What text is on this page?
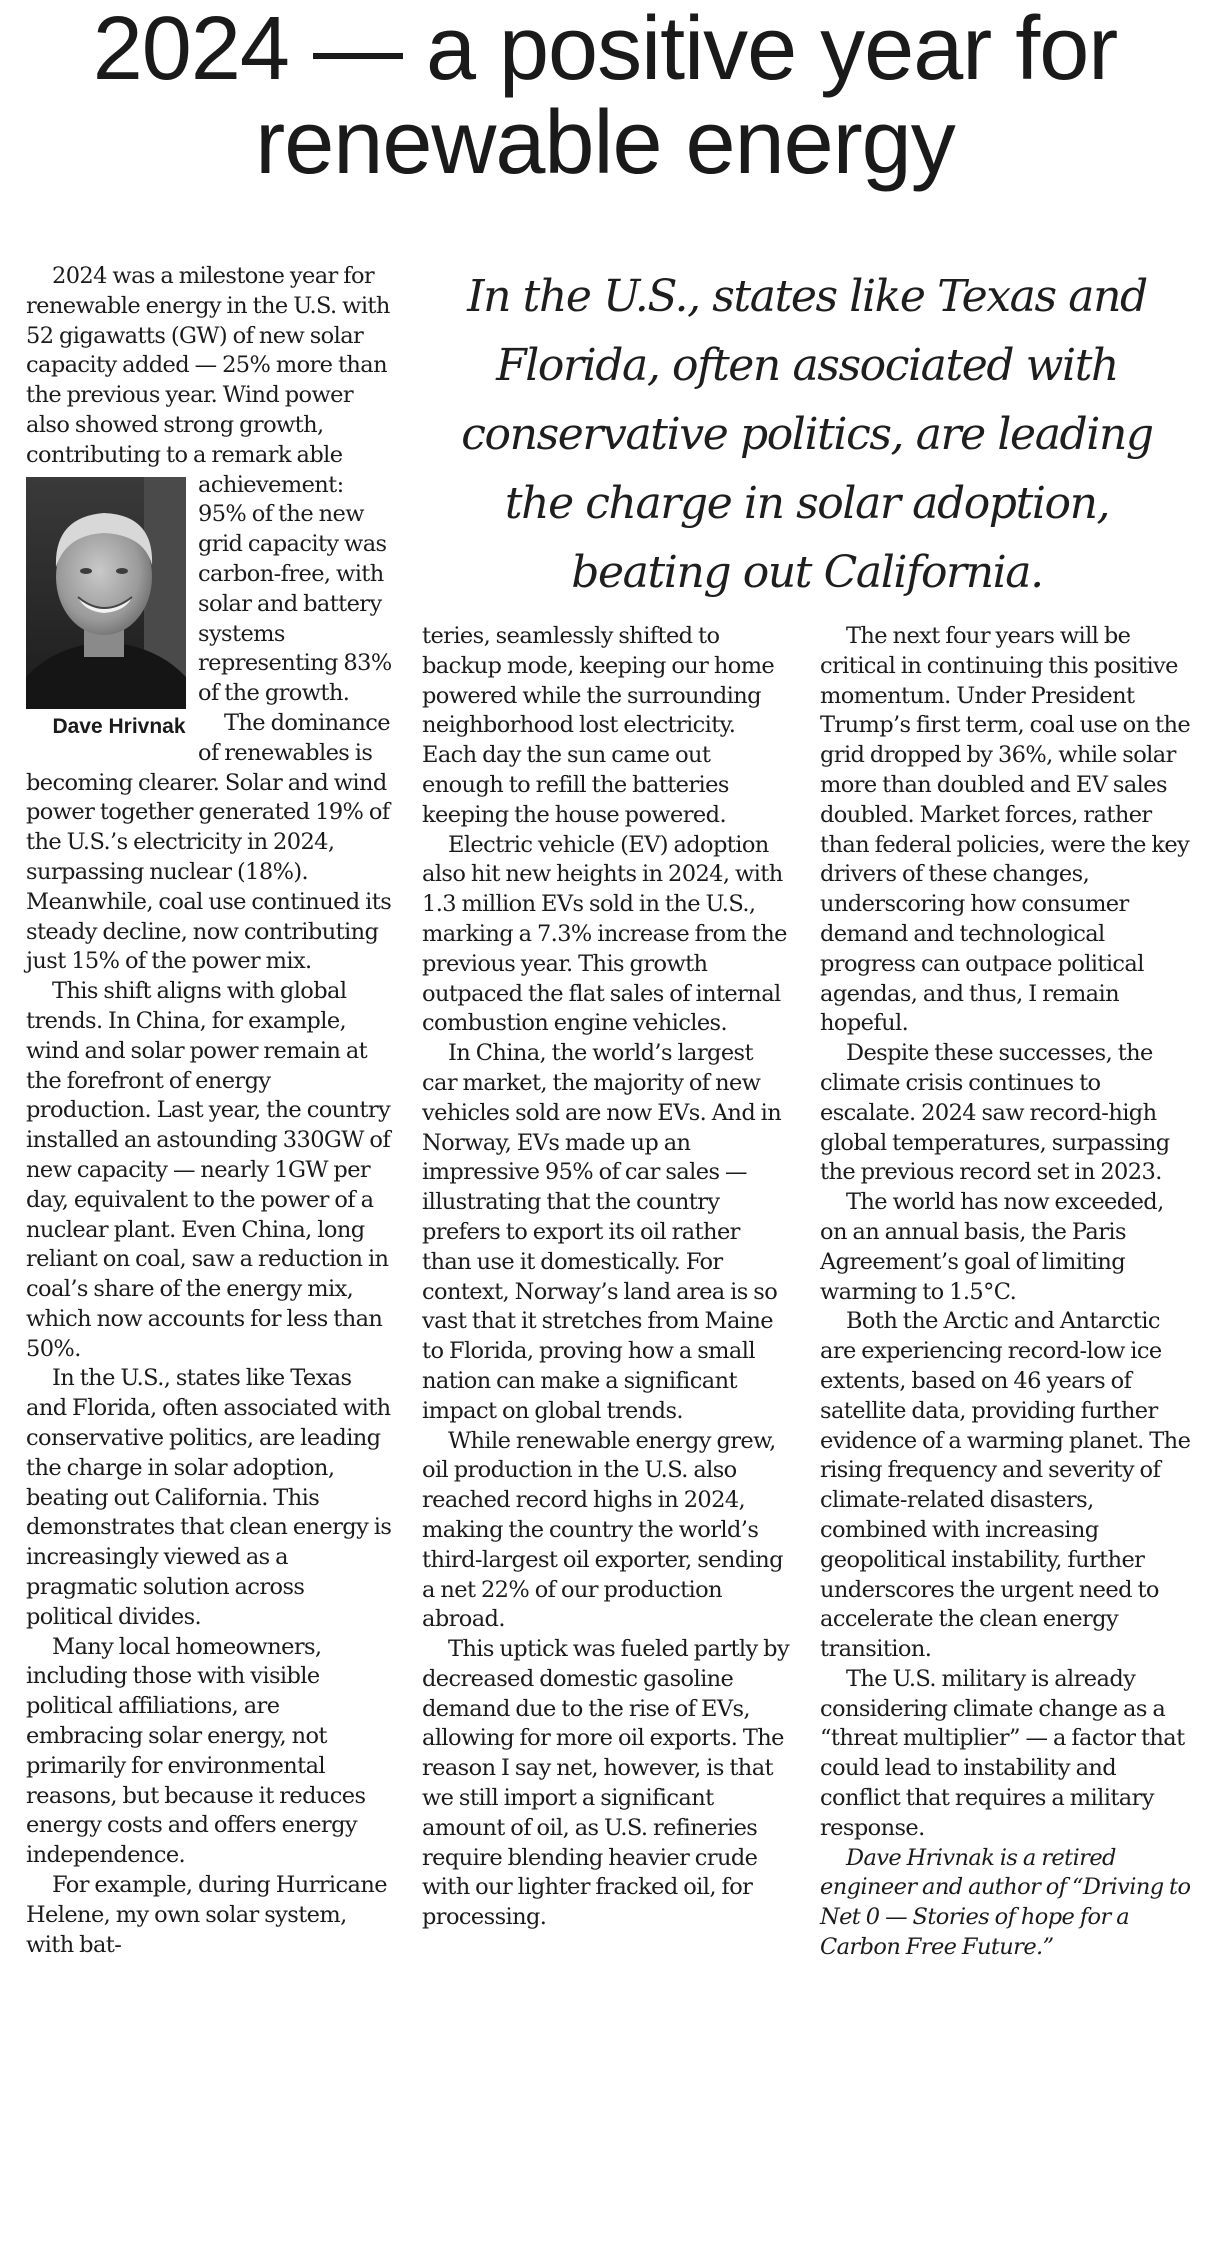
2024 — a positive year for renewable energy

2024 was a milestone year for renewable energy in the U.S. with 52 gigawatts (GW) of new solar capacity added — 25% more than the previous year. Wind power also showed strong growth, contributing to a remark
Dave Hrivnak
able achievement: 95% of the new grid capacity was carbon-free, with solar and battery systems representing 83% of the growth.

The dominance of renewables is becoming clearer. Solar and wind power together generated 19% of the U.S.’s electricity in 2024, surpassing nuclear (18%). Meanwhile, coal use continued its steady decline, now contributing just 15% of the power mix.

This shift aligns with global trends. In China, for example, wind and solar power remain at the forefront of energy production. Last year, the country installed an astounding 330GW of new capacity — nearly 1GW per day, equivalent to the power of a nuclear plant. Even China, long reliant on coal, saw a reduction in coal’s share of the energy mix, which now accounts for less than 50%.

In the U.S., states like Texas and Florida, often associated with conservative politics, are leading the charge in solar adoption, beating out California. This demonstrates that clean energy is increasingly viewed as a pragmatic solution across political divides.

Many local homeowners, including those with visible political affiliations, are embracing solar energy, not primarily for environmental reasons, but because it reduces energy costs and offers energy independence.

For example, during Hurricane Helene, my own solar system, with bat-

teries, seamlessly shifted to backup mode, keeping our home powered while the surrounding neighborhood lost electricity. Each day the sun came out enough to refill the batteries keeping the house powered.

Electric vehicle (EV) adoption also hit new heights in 2024, with 1.3 million EVs sold in the U.S., marking a 7.3% increase from the previous year. This growth outpaced the flat sales of internal combustion engine vehicles.

In China, the world’s largest car market, the majority of new vehicles sold are now EVs. And in Norway, EVs made up an impressive 95% of car sales — illustrating that the country prefers to export its oil rather than use it domestically. For context, Norway’s land area is so vast that it stretches from Maine to Florida, proving how a small nation can make a significant impact on global trends.

While renewable energy grew, oil production in the U.S. also reached record highs in 2024, making the country the world’s third-largest oil exporter, sending a net 22% of our production abroad.

This uptick was fueled partly by decreased domestic gasoline demand due to the rise of EVs, allowing for more oil exports. The reason I say net, however, is that we still import a significant amount of oil, as U.S. refineries require blending heavier crude with our lighter fracked oil, for processing.

The next four years will be critical in continuing this positive momentum. Under President Trump’s first term, coal use on the grid dropped by 36%, while solar more than doubled and EV sales doubled. Market forces, rather than federal policies, were the key drivers of these changes, underscoring how consumer demand and technological progress can outpace political agendas, and thus, I remain hopeful.

Despite these successes, the climate crisis continues to escalate. 2024 saw record-high global temperatures, surpassing the previous record set in 2023.

The world has now exceeded, on an annual basis, the Paris Agreement’s goal of limiting warming to 1.5°C.

Both the Arctic and Antarctic are experiencing record-low ice extents, based on 46 years of satellite data, providing further evidence of a warming planet. The rising frequency and severity of climate-related disasters, combined with increasing geopolitical instability, further underscores the urgent need to accelerate the clean energy transition.

The U.S. military is already considering climate change as a “threat multiplier” — a factor that could lead to instability and conflict that requires a military response.

Dave Hrivnak is a retired engineer and author of “Driving to Net 0 — Stories of hope for a Carbon Free Future.”

In the U.S., states like Texas and Florida, often associated with conservative politics, are leading the charge in solar adoption, beating out California.
